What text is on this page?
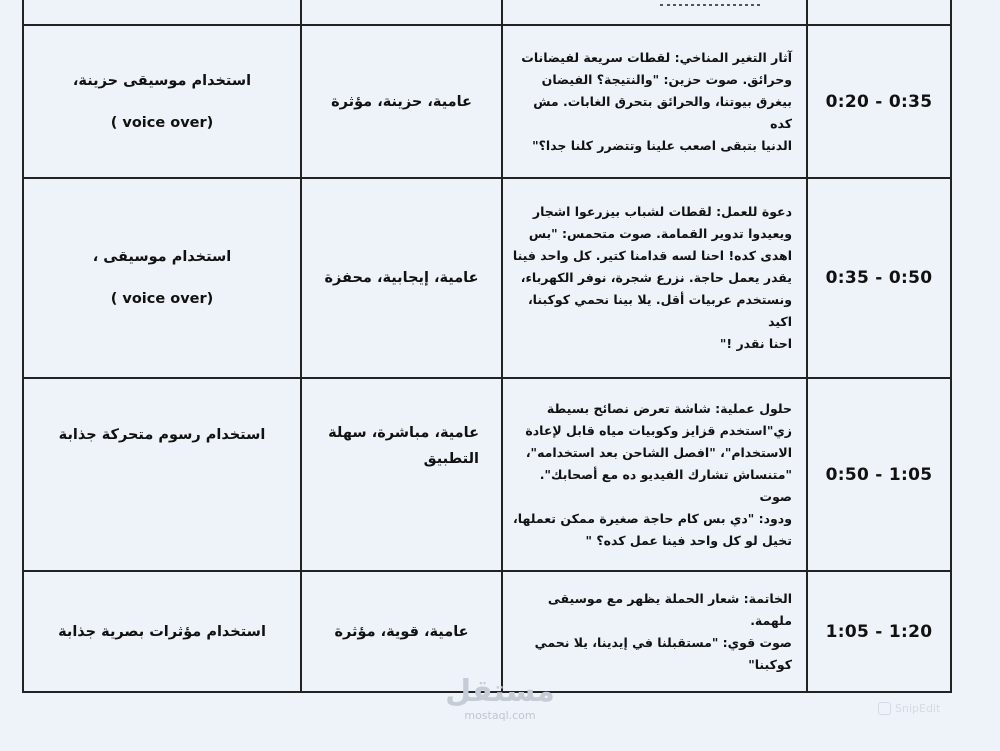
0:20 - 0:35
آثار التغير المناخي: لقطات سريعة لفيضانات
وحرائق. صوت حزين: "والنتيجة؟ الفيضان
بيغرق بيوتنا، والحرائق بتحرق الغابات. مش كده
الدنيا بتبقى اصعب علينا وتتضرر كلنا جدا؟"
عامية، حزينة، مؤثرة
استخدام موسيقى حزينة،
( voice over)
0:35 - 0:50
دعوة للعمل: لقطات لشباب بيزرعوا اشجار
ويعيدوا تدوير القمامة. صوت متحمس: "بس
اهدى كده! احنا لسه قدامنا كتير. كل واحد فينا
يقدر يعمل حاجة. نزرع شجرة، نوفر الكهرباء،
ونستخدم عربيات أقل. يلا بينا نحمي كوكبنا، اكيد
احنا نقدر !"
عامية، إيجابية، محفزة
استخدام موسيقى ،
( voice over)
0:50 - 1:05
حلول عملية: شاشة تعرض نصائح بسيطة
زي"استخدم قزايز وكوبيات مياه قابل لإعادة
الاستخدام"، "افصل الشاحن بعد استخدامه"،
"متنساش تشارك الفيديو ده مع أصحابك". صوت
ودود: "دي بس كام حاجة صغيرة ممكن تعملها،
تخيل لو كل واحد فينا عمل كده؟ "
عامية، مباشرة، سهلة التطبيق
استخدام رسوم متحركة جذابة
1:05 - 1:20
الخاتمة: شعار الحملة يظهر مع موسيقى ملهمة.
صوت قوي: "مستقبلنا في إيدينا، يلا نحمي
كوكبنا"
عامية، قوية، مؤثرة
استخدام مؤثرات بصرية جذابة
مستقل
mostaql.com
SnipEdit
